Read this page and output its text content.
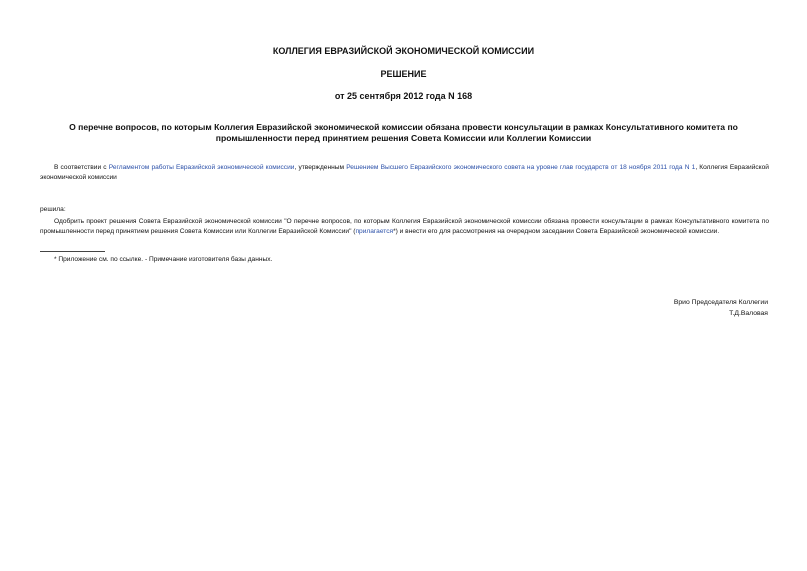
КОЛЛЕГИЯ ЕВРАЗИЙСКОЙ ЭКОНОМИЧЕСКОЙ КОМИССИИ

РЕШЕНИЕ

от 25 сентября 2012 года N 168

О перечне вопросов, по которым Коллегия Евразийской экономической комиссии обязана провести консультации в рамках Консультативного комитета по промышленности перед принятием решения Совета Комиссии или Коллегии Комиссии

В соответствии с Регламентом работы Евразийской экономической комиссии, утвержденным Решением Высшего Евразийского экономического совета на уровне глав государств от 18 ноября 2011 года N 1, Коллегия Евразийской экономической комиссии

решила:

Одобрить проект решения Совета Евразийской экономической комиссии "О перечне вопросов, по которым Коллегия Евразийской экономической комиссии обязана провести консультации в рамках Консультативного комитета по промышленности перед принятием решения Совета Комиссии или Коллегии Евразийской Комиссии" (прилагается*) и внести его для рассмотрения на очередном заседании Совета Евразийской экономической комиссии.

* Приложение см. по ссылке. - Примечание изготовителя базы данных.

Врио Председателя Коллегии
Т.Д.Валовая
